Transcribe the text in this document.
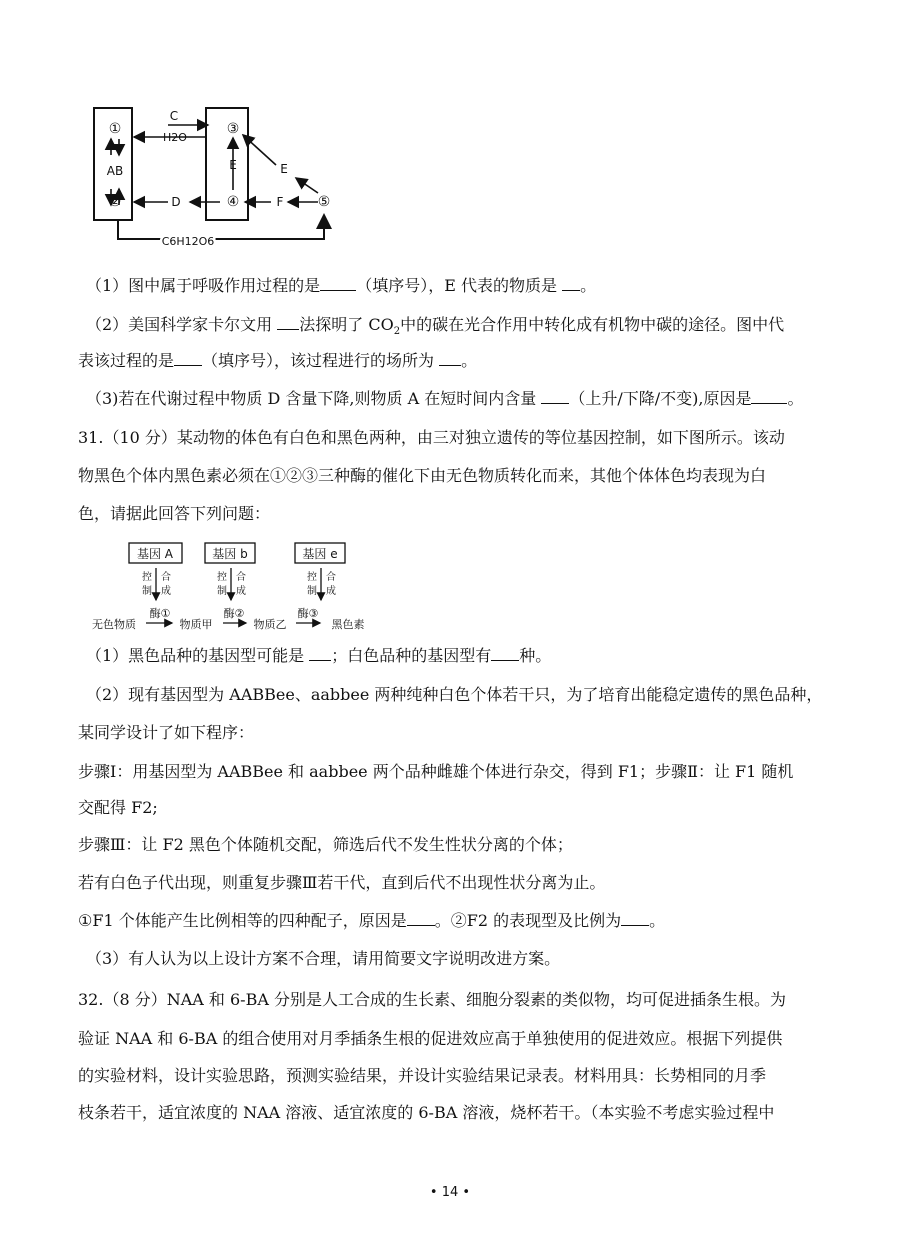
①
AB
②
C
H2O
③
E
④
D	F
E
⑤
C6H12O6
（1）图中属于呼吸作用过程的是 （填序号），E 代表的物质是 。
（2）美国科学家卡尔文用 法探明了 $CO_2$中的碳在光合作用中转化成有机物中碳的途径。图中代
表该过程的是 （填序号），该过程进行的场所为 。
（3)若在代谢过程中物质 D 含量下降,则物质 A 在短时间内含量 （上升/下降/不变),原因是 。
31.（10 分）某动物的体色有白色和黑色两种，由三对独立遗传的等位基因控制，如下图所示。该动
物黑色个体内黑色素必须在①②③三种酶的催化下由无色物质转化而来，其他个体体色均表现为白
色，请据此回答下列问题：
基因 A	基因 b	基因 e
控
制
合
成
控
制
合
成
控
制
合
成
无色物质
酶①
物质甲
酶②
物质乙
酶③
黑色素
（1）黑色品种的基因型可能是 ；白色品种的基因型有 种。
（2）现有基因型为 AABBee、aabbee 两种纯种白色个体若干只，为了培育出能稳定遗传的黑色品种，
某同学设计了如下程序：
步骤Ⅰ：用基因型为 AABBee 和 aabbee 两个品种雌雄个体进行杂交，得到 F1；步骤Ⅱ：让 F1 随机
交配得 F2;
步骤Ⅲ：让 F2 黑色个体随机交配，筛选后代不发生性状分离的个体；
若有白色子代出现，则重复步骤Ⅲ若干代，直到后代不出现性状分离为止。
①F1 个体能产生比例相等的四种配子，原因是 。②F2 的表现型及比例为 。
（3）有人认为以上设计方案不合理，请用简要文字说明改进方案。
32.（8 分）NAA 和 6-BA 分别是人工合成的生长素、细胞分裂素的类似物，均可促进插条生根。为
验证 NAA 和 6-BA 的组合使用对月季插条生根的促进效应高于单独使用的促进效应。根据下列提供
的实验材料，设计实验思路，预测实验结果，并设计实验结果记录表。材料用具：长势相同的月季
枝条若干，适宜浓度的 NAA 溶液、适宜浓度的 6-BA 溶液，烧杯若干。（本实验不考虑实验过程中
• 14 •
